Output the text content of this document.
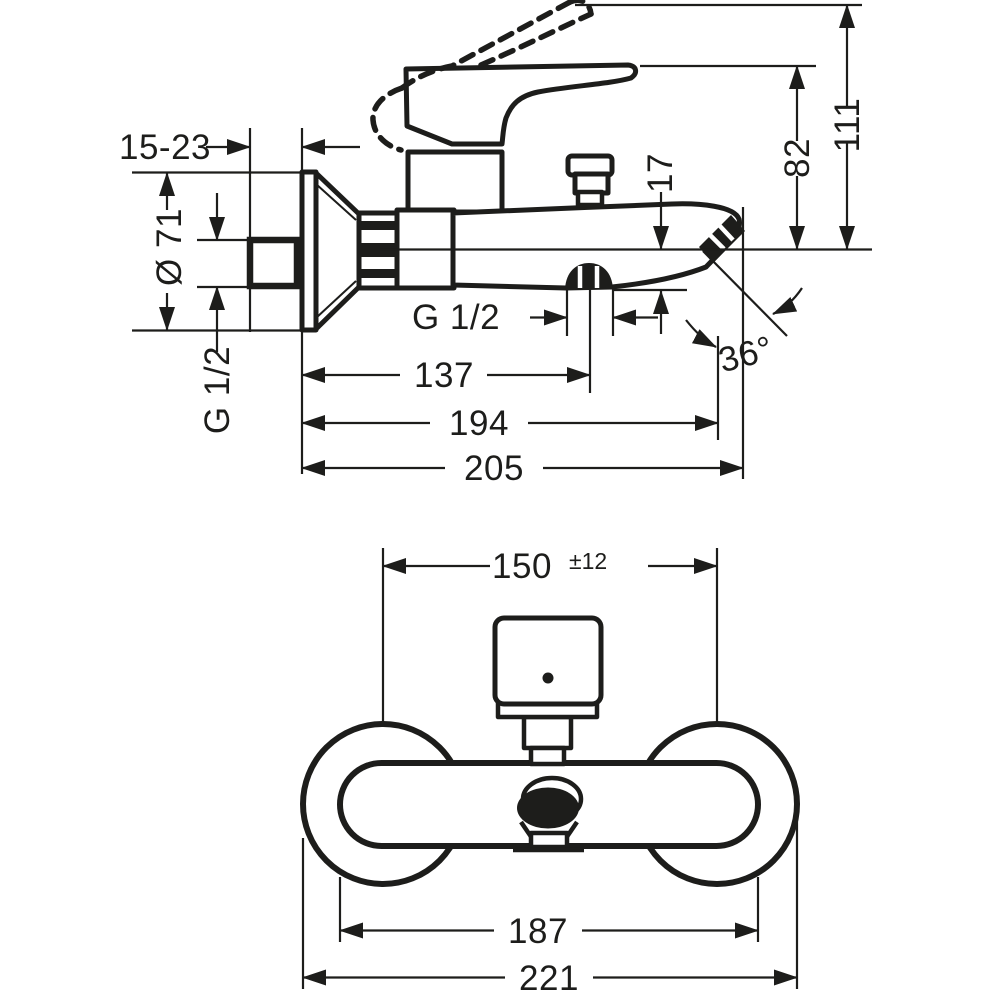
15-23
Ø 71
G 1/2
111
82
17
G 1/2
36°
137
194
205
150 ±12
187
221
